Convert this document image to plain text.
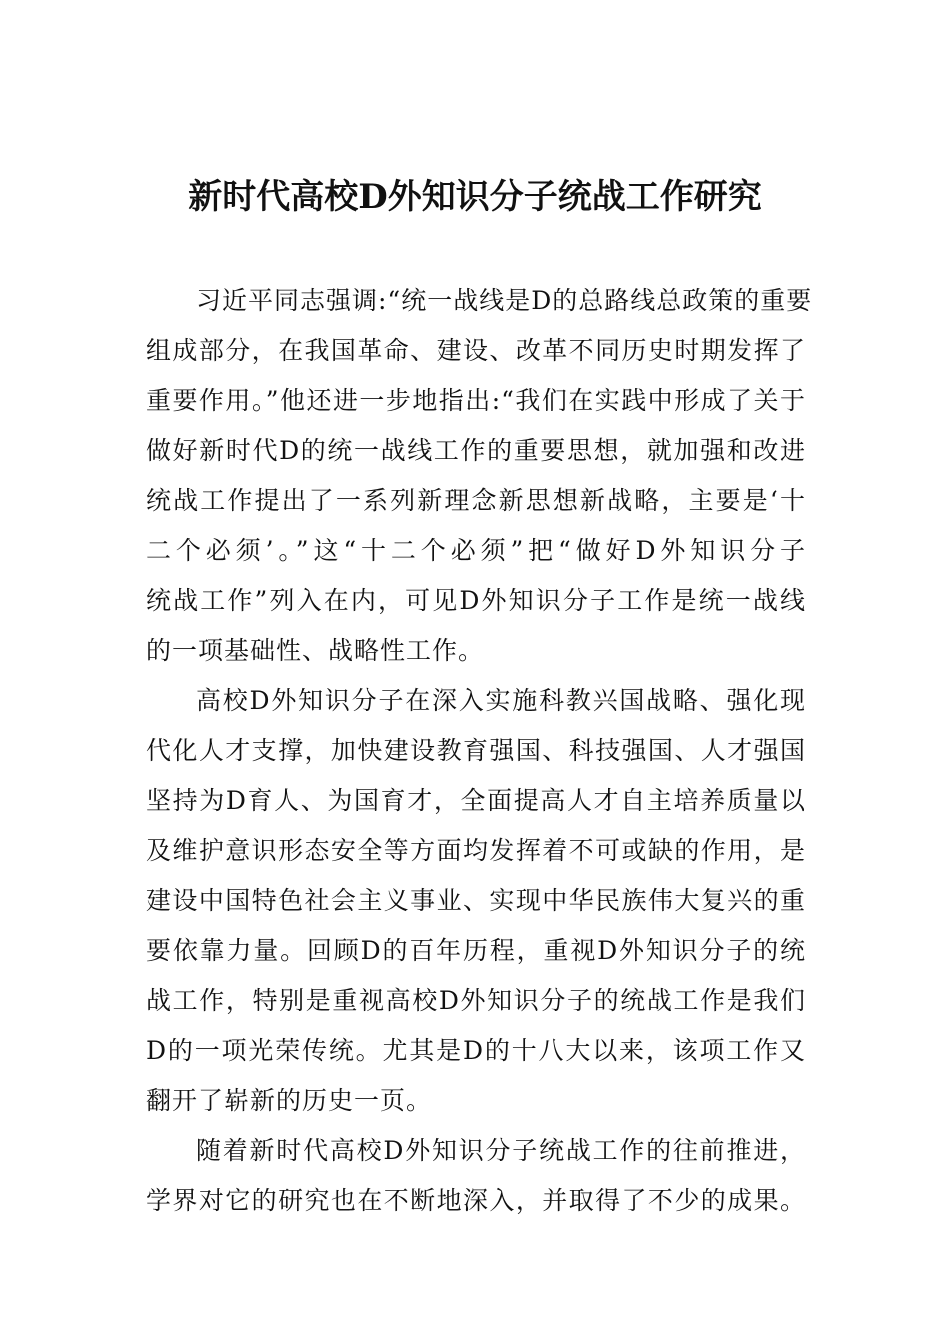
新时代高校D外知识分子统战工作研究
习近平同志强调:“统一战线是D的总路线总政策的重要
组成部分，在我国革命、建设、改革不同历史时期发挥了
重要作用。”他还进一步地指出:“我们在实践中形成了关于
做好新时代D的统一战线工作的重要思想，就加强和改进
统战工作提出了一系列新理念新思想新战略，主要是‘十
二个必须’。”这“十二个必须”把“做好D外知识分子
统战工作”列入在内，可见D外知识分子工作是统一战线
的一项基础性、战略性工作。
高校D外知识分子在深入实施科教兴国战略、强化现
代化人才支撑，加快建设教育强国、科技强国、人才强国
坚持为D育人、为国育才，全面提高人才自主培养质量以
及维护意识形态安全等方面均发挥着不可或缺的作用，是
建设中国特色社会主义事业、实现中华民族伟大复兴的重
要依靠力量。回顾D的百年历程，重视D外知识分子的统
战工作，特别是重视高校D外知识分子的统战工作是我们
D的一项光荣传统。尤其是D的十八大以来，该项工作又
翻开了崭新的历史一页。
随着新时代高校D外知识分子统战工作的往前推进，
学界对它的研究也在不断地深入，并取得了不少的成果。
